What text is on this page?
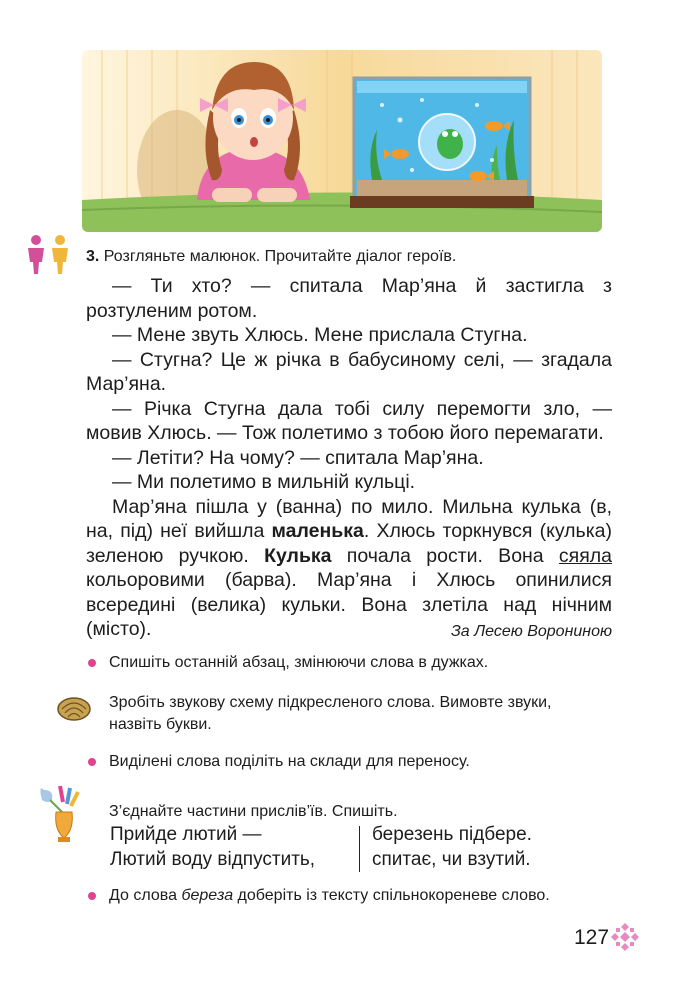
3. Розгляньте малюнок. Прочитайте діалог героїв.

— Ти хто? — спитала Мар’яна й застигла з розтуленим ротом.

— Мене звуть Хлюсь. Мене прислала Стугна.

— Стугна? Це ж річка в бабусиному селі, — згадала Мар’яна.

— Річка Стугна дала тобі силу перемогти зло, — мовив Хлюсь. — Тож полетимо з тобою його перемагати.

— Летіти? На чому? — спитала Мар’яна.

— Ми полетимо в мильній кульці.

Мар’яна пішла у (ванна) по мило. Мильна кулька (в, на, під) неї вийшла маленька. Хлюсь торкнувся (кулька) зеленою ручкою. Кулька почала рости. Вона сяяла кольоровими (барва). Мар’яна і Хлюсь опинилися всередині (велика) кульки. Вона злетіла над нічним (місто).	За Лесею Ворониною
Спишіть останній абзац, змінюючи слова в дужках.
Зробіть звукову схему підкресленого слова. Вимовте звуки,
назвіть букви.
Виділені слова поділіть на склади для переносу.
З’єднайте частини прислів’їв. Спишіть.
Прийде лютий —
Лютий воду відпустить,
березень підбере.
спитає, чи взутий.
До слова береза доберіть із тексту спільнокореневе слово.
127
